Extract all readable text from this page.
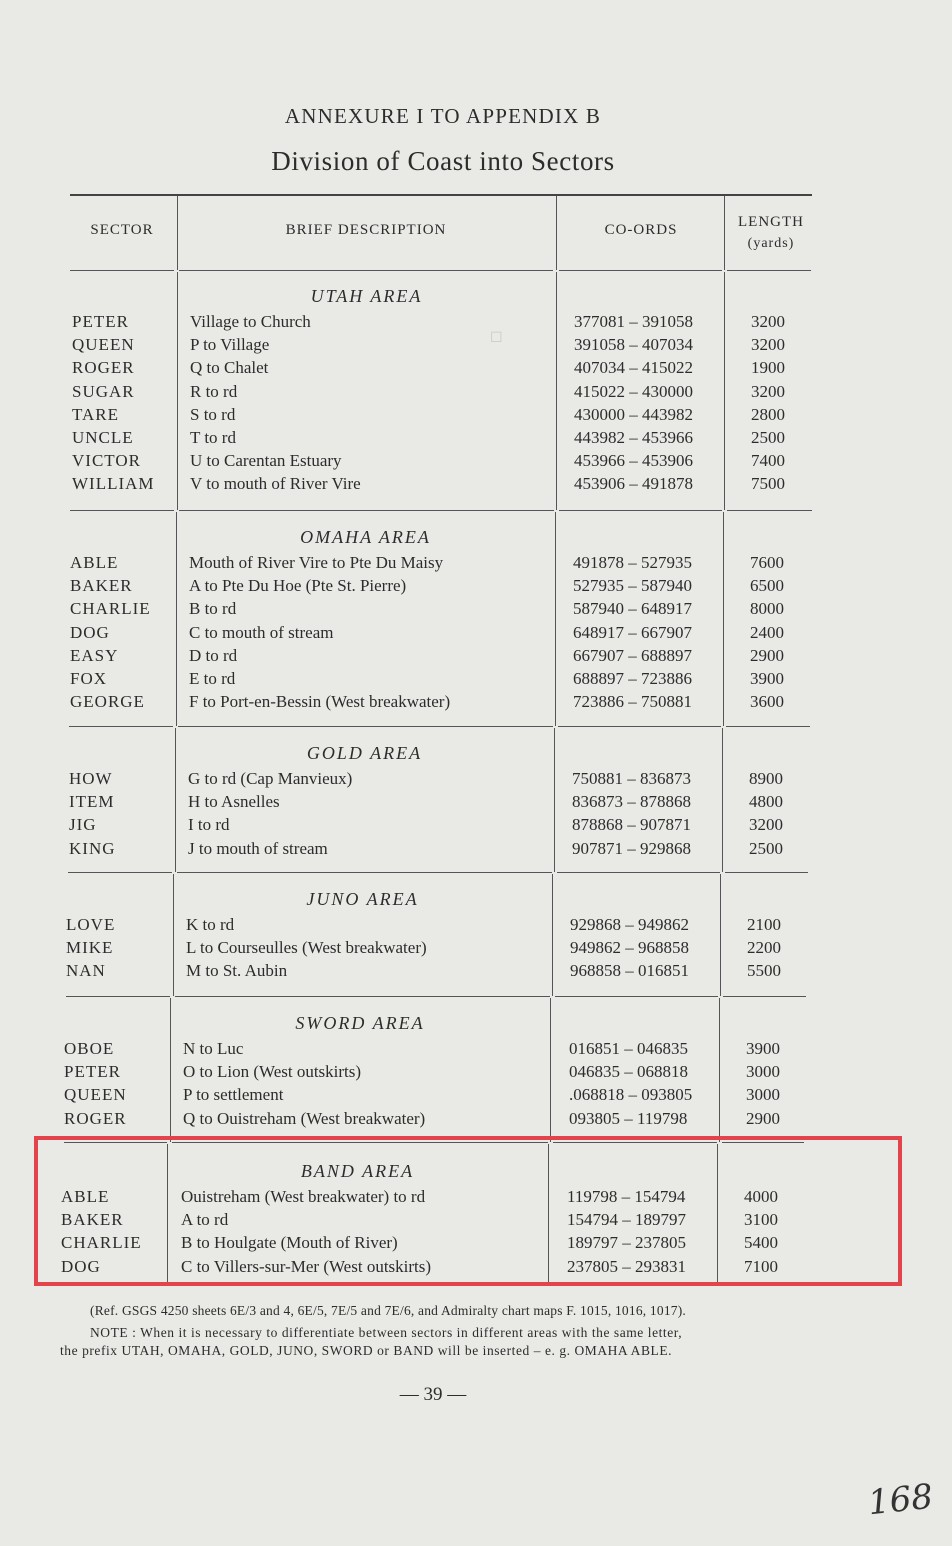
ANNEXURE I TO APPENDIX B
Division of Coast into Sectors
SECTOR	BRIEF DESCRIPTION	CO-ORDS	LENGTH
(yards)
UTAH AREA
PETER	Village to Church	377081 – 391058	3200
QUEEN	P to Village	391058 – 407034	3200
ROGER	Q to Chalet	407034 – 415022	1900
SUGAR	R to rd	415022 – 430000	3200
TARE	S to rd	430000 – 443982	2800
UNCLE	T to rd	443982 – 453966	2500
VICTOR	U to Carentan Estuary	453966 – 453906	7400
WILLIAM V to mouth of River Vire	453906 – 491878	7500
OMAHA AREA
ABLE	Mouth of River Vire to Pte Du Maisy	491878 – 527935	7600
BAKER	A to Pte Du Hoe (Pte St. Pierre)	527935 – 587940	6500
CHARLIE B to rd	587940 – 648917	8000
DOG	C to mouth of stream	648917 – 667907	2400
EASY	D to rd	667907 – 688897	2900
FOX	E to rd	688897 – 723886	3900
GEORGE	F to Port-en-Bessin (West breakwater)	723886 – 750881	3600
GOLD AREA
HOW	G to rd (Cap Manvieux)	750881 – 836873	8900
ITEM	H to Asnelles	836873 – 878868	4800
JIG	I to rd	878868 – 907871	3200
KING	J to mouth of stream	907871 – 929868	2500
JUNO AREA
LOVE	K to rd	929868 – 949862	2100
MIKE	L to Courseulles (West breakwater)	949862 – 968858	2200
NAN	M to St. Aubin	968858 – 016851	5500
SWORD AREA
OBOE	N to Luc	016851 – 046835	3900
PETER	O to Lion (West outskirts)	046835 – 068818	3000
QUEEN	P to settlement	.068818 – 093805	3000
ROGER	Q to Ouistreham (West breakwater)	093805 – 119798	2900
BAND AREA
ABLE	Ouistreham (West breakwater) to rd	119798 – 154794	4000
BAKER	A to rd	154794 – 189797	3100
CHARLIE B to Houlgate (Mouth of River)	189797 – 237805	5400
DOG	C to Villers-sur-Mer (West outskirts)	237805 – 293831	7100
(Ref. GSGS 4250 sheets 6E/3 and 4, 6E/5, 7E/5 and 7E/6, and Admiralty chart maps F. 1015, 1016, 1017).
NOTE : When it is necessary to differentiate between sectors in different areas with the same letter,
the prefix UTAH, OMAHA, GOLD, JUNO, SWORD or BAND will be inserted – e. g. OMAHA ABLE.
— 39 —
168
☐
